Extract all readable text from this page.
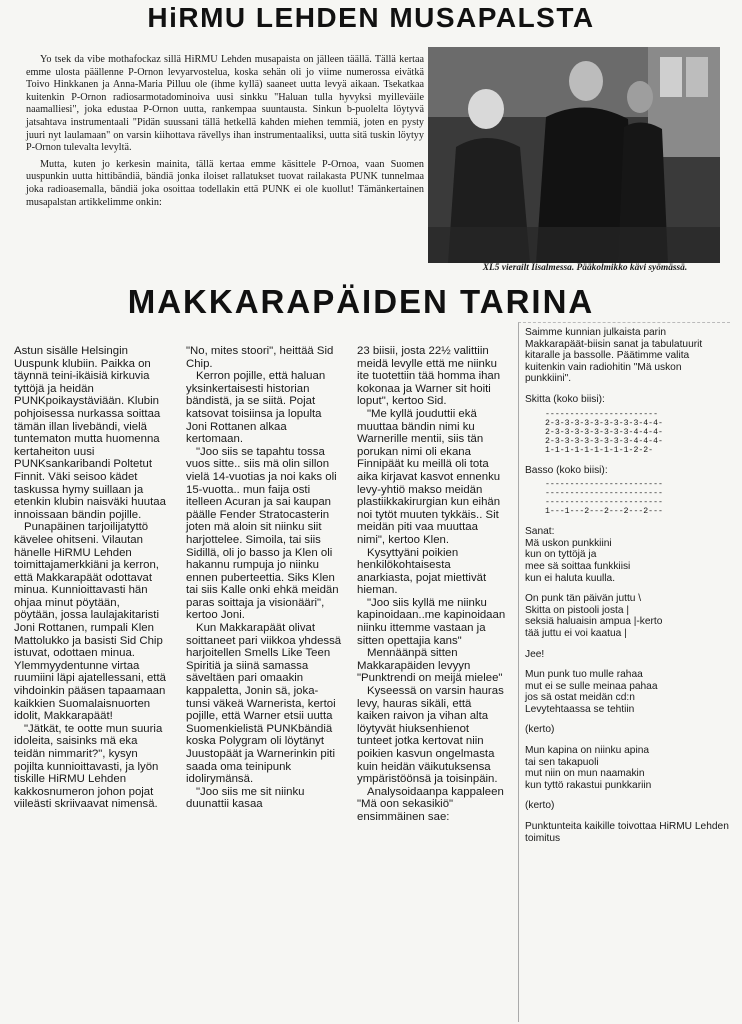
HiRMU LEHDEN MUSAPALSTA

Yo tsek da vibe mothafockaz sillä HiRMU Lehden musapaista on jälleen täällä. Tällä kertaa emme ulosta päällenne P-Ornon levyarvostelua, koska sehän oli jo viime numerossa eivätkä Toivo Hinkkanen ja Anna-Maria Pilluu ole (ihme kyllä) saaneet uutta levyä aikaan. Tsekatkaa kuitenkin P-Ornon radiosarmotadominoiva uusi sinkku "Haluan tulla hyvyksi myilleväile naamalliesi", joka edustaa P-Ornon uutta, rankempaa suuntausta. Sinkun b-puolelta löytyvä jatsahtava instrumentaali "Pidän suussani tällä hetkellä kahden miehen temmiä, joten en pysty juuri nyt laulamaan" on varsin kiihottava rävellys ihan instrumentaaliksi, uutta sitä tuskin löytyy P-Ornon tulevalta levyltä.

Mutta, kuten jo kerkesin mainita, tällä kertaa emme käsittele P-Ornoa, vaan Suomen uuspunkin uutta hittibändiä, bändiä jonka iloiset rallatukset tuovat railakasta PUNK tunnelmaa joka radioasemalla, bändiä joka osoittaa todellakin että PUNK ei ole kuollut! Tämänkertainen musapalstan artikkelimme onkin:

XL5 vierailt Iisalmessa. Pääkolmikko kävi syömässä.
MAKKARAPÄIDEN TARINA

Astun sisälle Helsingin Uuspunk klubiin. Paikka on täynnä teini-ikäisiä kirkuvia tyttöjä ja heidän PUNKpoikaystäviään. Klubin pohjoisessa nurkassa soittaa tämän illan livebändi, vielä tuntematon mutta huomenna kertaheiton uusi PUNKsankaribandi Poltetut Finnit. Väki seisoo kädet taskussa hymy suillaan ja etenkin klubin naisväki huutaa innoissaan bändin pojille.

Punapäinen tarjoilijatyttö kävelee ohitseni. Vilautan hänelle HiRMU Lehden toimittajamerkkiäni ja kerron, että Makkarapäät odottavat minua. Kunnioittavasti hän ohjaa minut pöytään, pöytään, jossa laulajakitaristi Joni Rottanen, rumpali Klen Mattolukko ja basisti Sid Chip istuvat, odottaen minua. Ylemmyydentunne virtaa ruumiini läpi ajatellessani, että vihdoinkin pääsen tapaamaan kaikkien Suomalaisnuorten idolit, Makkarapäät!

"Jätkät, te ootte mun suuria idoleita, saisinks mä eka teidän nimmarit?", kysyn pojilta kunnioittavasti, ja lyön tiskille HiRMU Lehden kakkosnumeron johon pojat viileästi skriivaavat nimensä.

"No, mites stoori", heittää Sid Chip.

Kerron pojille, että haluan yksinkertaisesti historian bändistä, ja se siitä. Pojat katsovat toisiinsa ja lopulta Joni Rottanen alkaa kertomaan.

"Joo siis se tapahtu tossa vuos sitte.. siis mä olin sillon vielä 14-vuotias ja noi kaks oli 15-vuotta.. mun faija osti itelleen Acuran ja sai kaupan päälle Fender Stratocasterin joten mä aloin sit niinku siit harjottelee. Simoila, tai siis Sidillä, oli jo basso ja Klen oli hakannu rumpuja jo niinku ennen puberteettia. Siks Klen tai siis Kalle onki ehkä meidän paras soittaja ja visionääri", kertoo Joni.

Kun Makkarapäät olivat soittaneet pari viikkoa yhdessä harjoitellen Smells Like Teen Spiritiä ja siinä samassa säveltäen pari omaakin kappaletta, Jonin sä, joka- tunsi väkeä Warnerista, kertoi pojille, että Warner etsii uutta Suomenkielistä PUNKbändiä koska Polygram oli löytänyt Juustopäät ja Warnerinkin piti saada oma teinipunk idolirymänsä.

"Joo siis me sit niinku duunattii kasaa

23 biisii, josta 22½ valittiin meidä levylle että me niinku ite tuotettiin tää homma ihan kokonaa ja Warner sit hoiti loput", kertoo Sid.

"Me kyllä jouduttii ekä muuttaa bändin nimi ku Warnerille mentii, siis tän porukan nimi oli ekana Finnipäät ku meillä oli tota aika kirjavat kasvot ennenku levy-yhtiö makso meidän plastiikkakirurgian kun eihän noi tytöt muuten tykkäis.. Sit meidän piti vaa muuttaa nimi", kertoo Klen.

Kysyttyäni poikien henkilökohtaisesta anarkiasta, pojat miettivät hieman.

"Joo siis kyllä me niinku kapinoidaan..me kapinoidaan niinku ittemme vastaan ja sitten opettajia kans"

Mennäänpä sitten Makkarapäiden levyyn "Punktrendi on meijä mielee"

Kyseessä on varsin hauras levy, hauras sikäli, että kaiken raivon ja vihan alta löytyvät hiuksenhienot tunteet jotka kertovat niin poikien kasvun ongelmasta kuin heidän väikutuksensa ympäristöönsä ja toisinpäin.

Analysoidaanpa kappaleen "Mä oon sekasikiö" ensimmäinen sae:

Saimme kunnian julkaista parin Makkarapäät-biisin sanat ja tabulatuurit kitaralle ja bassolle. Päätimme valita kuitenkin vain radiohitin "Mä uskon punkkiini".

Skitta (koko biisi):

-----------------------
2-3-3-3-3-3-3-3-3-3-4-4-
2-3-3-3-3-3-3-3-3-4-4-4-
2-3-3-3-3-3-3-3-3-4-4-4-
1-1-1-1-1-1-1-1-1-2-2-

Basso (koko biisi):

------------------------
------------------------
------------------------
1---1---2---2---2---2---

Sanat:
Mä uskon punkkiini
kun on tyttöjä ja
mee sä soittaa funkkiisi
kun ei haluta kuulla.

On punk tän päivän juttu \
Skitta on pistooli josta |
seksiä haluaisin ampua |-kerto
tää juttu ei voi kaatua |

Jee!

Mun punk tuo mulle rahaa
mut ei se sulle meinaa pahaa
jos sä ostat meidän cd:n
Levytehtaassa se tehtiin

(kerto)

Mun kapina on niinku apina
tai sen takapuoli
mut niin on mun naamakin
kun tyttö rakastui punkkariin

(kerto)

Punktunteita kaikille toivottaa HiRMU Lehden toimitus
